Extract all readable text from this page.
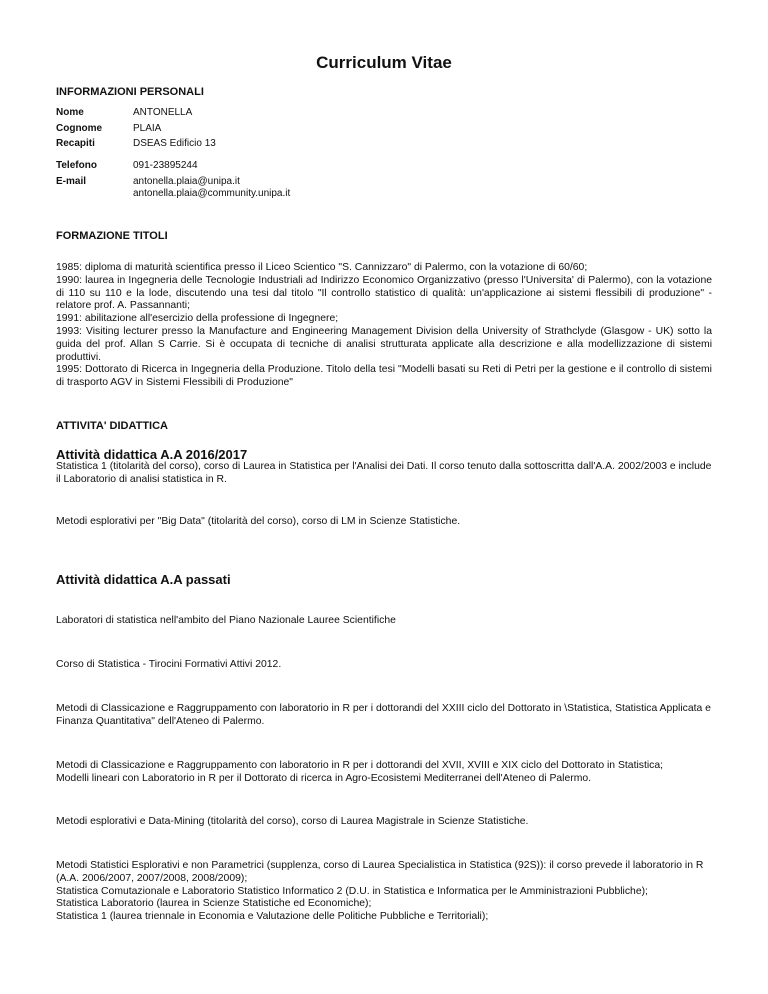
Curriculum Vitae
INFORMAZIONI PERSONALI
Nome	ANTONELLA
Cognome	PLAIA
Recapiti	DSEAS Edificio 13
Telefono	091-23895244
E-mail	antonella.plaia@unipa.it
antonella.plaia@community.unipa.it
FORMAZIONE TITOLI
1985: diploma di maturità scientifica presso il Liceo Scientico "S. Cannizzaro" di Palermo, con la votazione di 60/60;
1990: laurea in Ingegneria delle Tecnologie Industriali ad Indirizzo Economico Organizzativo (presso l'Universita' di Palermo), con la votazione di 110 su 110 e la lode, discutendo una tesi dal titolo "Il controllo statistico di qualità: un'applicazione ai sistemi flessibili di produzione" - relatore prof. A. Passannanti;
1991: abilitazione all'esercizio della professione di Ingegnere;
1993: Visiting lecturer presso la Manufacture and Engineering Management Division della University of Strathclyde (Glasgow - UK) sotto la guida del prof. Allan S Carrie. Si è occupata di tecniche di analisi strutturata applicate alla descrizione e alla modellizzazione di sistemi produttivi.
1995: Dottorato di Ricerca in Ingegneria della Produzione. Titolo della tesi "Modelli basati su Reti di Petri per la gestione e il controllo di sistemi di trasporto AGV in Sistemi Flessibili di Produzione"
ATTIVITA' DIDATTICA
Attività didattica A.A 2016/2017
Statistica 1 (titolarità del corso), corso di Laurea in Statistica per l'Analisi dei Dati. Il corso tenuto dalla sottoscritta dall'A.A. 2002/2003 e include il Laboratorio di analisi statistica in R.
Metodi esplorativi per "Big Data" (titolarità del corso), corso di LM in Scienze Statistiche.
Attività didattica A.A passati
Laboratori di statistica nell'ambito del Piano Nazionale Lauree Scientifiche
Corso di Statistica - Tirocini Formativi Attivi 2012.
Metodi di Classicazione e Raggruppamento con laboratorio in R per i dottorandi del XXIII ciclo del Dottorato in \Statistica, Statistica Applicata e Finanza Quantitativa" dell'Ateneo di Palermo.
Metodi di Classicazione e Raggruppamento con laboratorio in R per i dottorandi del XVII, XVIII e XIX ciclo del Dottorato in Statistica;
Modelli lineari con Laboratorio in R per il Dottorato di ricerca in Agro-Ecosistemi Mediterranei dell'Ateneo di Palermo.
Metodi esplorativi e Data-Mining (titolarità del corso), corso di Laurea Magistrale in Scienze Statistiche.
Metodi Statistici Esplorativi e non Parametrici (supplenza, corso di Laurea Specialistica in Statistica (92S)): il corso prevede il laboratorio in R (A.A. 2006/2007, 2007/2008, 2008/2009);
Statistica Comutazionale e Laboratorio Statistico Informatico 2 (D.U. in Statistica e Informatica per le Amministrazioni Pubbliche);
Statistica Laboratorio (laurea in Scienze Statistiche ed Economiche);
Statistica 1 (laurea triennale in Economia e Valutazione delle Politiche Pubbliche e Territoriali);
